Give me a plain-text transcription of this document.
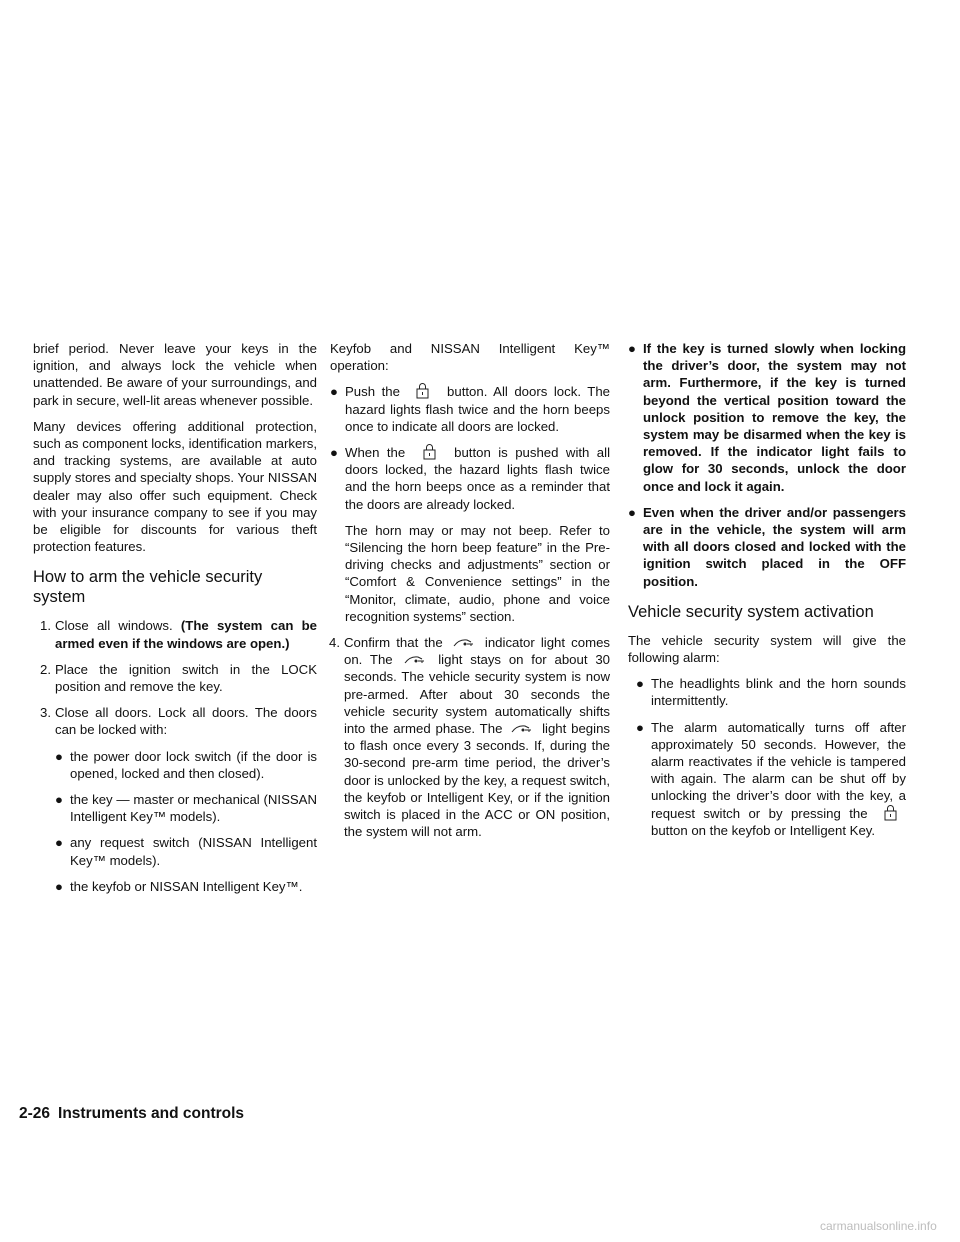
brief period. Never leave your keys in the ignition, and always lock the vehicle when unattended. Be aware of your surroundings, and park in secure, well-lit areas whenever possible.

Many devices offering additional protection, such as component locks, identification markers, and tracking systems, are available at auto supply stores and specialty shops. Your NISSAN dealer may also offer such equipment. Check with your insurance company to see if you may be eligible for discounts for various theft protection features.

How to arm the vehicle security system
1. Close all windows. (The system can be armed even if the windows are open.)
2. Place the ignition switch in the LOCK position and remove the key.
3. Close all doors. Lock all doors. The doors can be locked with:
● the power door lock switch (if the door is opened, locked and then closed).
● the key — master or mechanical (NISSAN Intelligent Key™ models).
● any request switch (NISSAN Intelligent Key™ models).
● the keyfob or NISSAN Intelligent Key™.

Keyfob and NISSAN Intelligent Key™ operation:

● Push the	button. All doors lock. The hazard lights flash twice and the horn beeps once to indicate all doors are locked.
● When the	button is pushed with all doors locked, the hazard lights flash twice and the horn beeps once as a reminder that the doors are already locked.

The horn may or may not beep. Refer to “Silencing the horn beep feature” in the Pre-driving checks and adjustments” section or “Comfort & Convenience settings” in the “Monitor, climate, audio, phone and voice recognition systems” section.

4. Confirm that the	indicator light comes on. The	light stays on for about 30 seconds. The vehicle security system is now pre-armed. After about 30 seconds the vehicle security system automatically shifts into the armed phase. The	light begins to flash once every 3 seconds. If, during the 30-second pre-arm time period, the driver’s door is unlocked by the key, a request switch, the keyfob or Intelligent Key, or if the ignition switch is placed in the ACC or ON position, the system will not arm.
● If the key is turned slowly when locking the driver’s door, the system may not arm. Furthermore, if the key is turned beyond the vertical position toward the unlock position to remove the key, the system may be disarmed when the key is removed. If the indicator light fails to glow for 30 seconds, unlock the door once and lock it again.
● Even when the driver and/or passengers are in the vehicle, the system will arm with all doors closed and locked with the ignition switch placed in the OFF position.
Vehicle security system activation

The vehicle security system will give the following alarm:

● The headlights blink and the horn sounds intermittently.
● The alarm automatically turns off after approximately 50 seconds. However, the alarm reactivates if the vehicle is tampered with again. The alarm can be shut off by unlocking the driver’s door with the key, a request switch or by pressing the  button on the keyfob or Intelligent Key.
2-26 Instruments and controls
carmanualsonline.info
